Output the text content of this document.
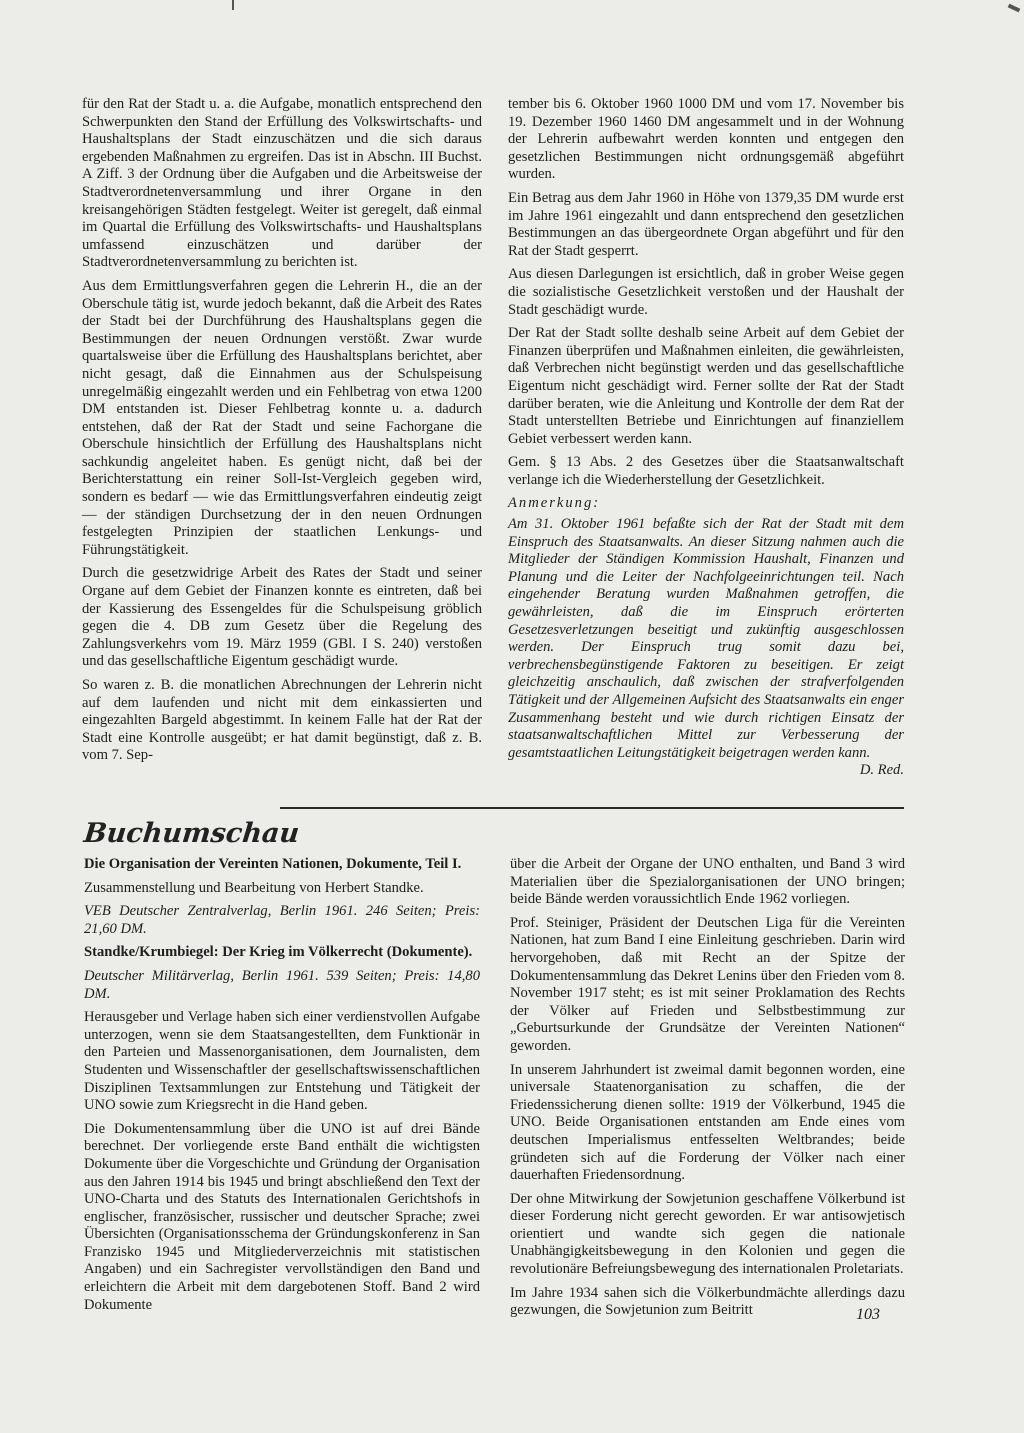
für den Rat der Stadt u. a. die Aufgabe, monatlich entsprechend den Schwerpunkten den Stand der Erfüllung des Volkswirtschafts- und Haushaltsplans der Stadt einzuschätzen und die sich daraus ergebenden Maßnahmen zu ergreifen. Das ist in Abschn. III Buchst. A Ziff. 3 der Ordnung über die Aufgaben und die Arbeitsweise der Stadtverordnetenversammlung und ihrer Organe in den kreisangehörigen Städten festgelegt. Weiter ist geregelt, daß einmal im Quartal die Erfüllung des Volkswirtschafts- und Haushaltsplans umfassend einzuschätzen und darüber der Stadtverordnetenversammlung zu berichten ist.

Aus dem Ermittlungsverfahren gegen die Lehrerin H., die an der Oberschule tätig ist, wurde jedoch bekannt, daß die Arbeit des Rates der Stadt bei der Durchführung des Haushaltsplans gegen die Bestimmungen der neuen Ordnungen verstößt. Zwar wurde quartalsweise über die Erfüllung des Haushaltsplans berichtet, aber nicht gesagt, daß die Einnahmen aus der Schulspeisung unregelmäßig eingezahlt werden und ein Fehlbetrag von etwa 1200 DM entstanden ist. Dieser Fehlbetrag konnte u. a. dadurch entstehen, daß der Rat der Stadt und seine Fachorgane die Oberschule hinsichtlich der Erfüllung des Haushaltsplans nicht sachkundig angeleitet haben. Es genügt nicht, daß bei der Berichterstattung ein reiner Soll-Ist-Vergleich gegeben wird, sondern es bedarf — wie das Ermittlungsverfahren eindeutig zeigt — der ständigen Durchsetzung der in den neuen Ordnungen festgelegten Prinzipien der staatlichen Lenkungs- und Führungstätigkeit.

Durch die gesetzwidrige Arbeit des Rates der Stadt und seiner Organe auf dem Gebiet der Finanzen konnte es eintreten, daß bei der Kassierung des Essengeldes für die Schulspeisung gröblich gegen die 4. DB zum Gesetz über die Regelung des Zahlungsverkehrs vom 19. März 1959 (GBl. I S. 240) verstoßen und das gesellschaftliche Eigentum geschädigt wurde.

So waren z. B. die monatlichen Abrechnungen der Lehrerin nicht auf dem laufenden und nicht mit dem einkassierten und eingezahlten Bargeld abgestimmt. In keinem Falle hat der Rat der Stadt eine Kontrolle ausgeübt; er hat damit begünstigt, daß z. B. vom 7. Sep-

tember bis 6. Oktober 1960 1000 DM und vom 17. November bis 19. Dezember 1960 1460 DM angesammelt und in der Wohnung der Lehrerin aufbewahrt werden konnten und entgegen den gesetzlichen Bestimmungen nicht ordnungsgemäß abgeführt wurden.

Ein Betrag aus dem Jahr 1960 in Höhe von 1379,35 DM wurde erst im Jahre 1961 eingezahlt und dann entsprechend den gesetzlichen Bestimmungen an das übergeordnete Organ abgeführt und für den Rat der Stadt gesperrt.

Aus diesen Darlegungen ist ersichtlich, daß in grober Weise gegen die sozialistische Gesetzlichkeit verstoßen und der Haushalt der Stadt geschädigt wurde.

Der Rat der Stadt sollte deshalb seine Arbeit auf dem Gebiet der Finanzen überprüfen und Maßnahmen einleiten, die gewährleisten, daß Verbrechen nicht begünstigt werden und das gesellschaftliche Eigentum nicht geschädigt wird. Ferner sollte der Rat der Stadt darüber beraten, wie die Anleitung und Kontrolle der dem Rat der Stadt unterstellten Betriebe und Einrichtungen auf finanziellem Gebiet verbessert werden kann.

Gem. § 13 Abs. 2 des Gesetzes über die Staatsanwaltschaft verlange ich die Wiederherstellung der Gesetzlichkeit.

Anmerkung:

Am 31. Oktober 1961 befaßte sich der Rat der Stadt mit dem Einspruch des Staatsanwalts. An dieser Sitzung nahmen auch die Mitglieder der Ständigen Kommission Haushalt, Finanzen und Planung und die Leiter der Nachfolgeeinrichtungen teil. Nach eingehender Beratung wurden Maßnahmen getroffen, die gewährleisten, daß die im Einspruch erörterten Gesetzesverletzungen beseitigt und zukünftig ausgeschlossen werden. Der Einspruch trug somit dazu bei, verbrechensbegünstigende Faktoren zu beseitigen. Er zeigt gleichzeitig anschaulich, daß zwischen der strafverfolgenden Tätigkeit und der Allgemeinen Aufsicht des Staatsanwalts ein enger Zusammenhang besteht und wie durch richtigen Einsatz der staatsanwaltschaftlichen Mittel zur Verbesserung der gesamtstaatlichen Leitungstätigkeit beigetragen werden kann.
D. Red.

Buchumschau

Die Organisation der Vereinten Nationen, Dokumente, Teil I.

Zusammenstellung und Bearbeitung von Herbert Standke.

VEB Deutscher Zentralverlag, Berlin 1961. 246 Seiten; Preis: 21,60 DM.

Standke/Krumbiegel: Der Krieg im Völkerrecht (Dokumente).

Deutscher Militärverlag, Berlin 1961. 539 Seiten; Preis: 14,80 DM.

Herausgeber und Verlage haben sich einer verdienstvollen Aufgabe unterzogen, wenn sie dem Staatsangestellten, dem Funktionär in den Parteien und Massenorganisationen, dem Journalisten, dem Studenten und Wissenschaftler der gesellschaftswissenschaftlichen Disziplinen Textsammlungen zur Entstehung und Tätigkeit der UNO sowie zum Kriegsrecht in die Hand geben.

Die Dokumentensammlung über die UNO ist auf drei Bände berechnet. Der vorliegende erste Band enthält die wichtigsten Dokumente über die Vorgeschichte und Gründung der Organisation aus den Jahren 1914 bis 1945 und bringt abschließend den Text der UNO-Charta und des Statuts des Internationalen Gerichtshofs in englischer, französischer, russischer und deutscher Sprache; zwei Übersichten (Organisationsschema der Gründungskonferenz in San Franzisko 1945 und Mitgliederverzeichnis mit statistischen Angaben) und ein Sachregister vervollständigen den Band und erleichtern die Arbeit mit dem dargebotenen Stoff. Band 2 wird Dokumente

über die Arbeit der Organe der UNO enthalten, und Band 3 wird Materialien über die Spezialorganisationen der UNO bringen; beide Bände werden voraussichtlich Ende 1962 vorliegen.

Prof. Steiniger, Präsident der Deutschen Liga für die Vereinten Nationen, hat zum Band I eine Einleitung geschrieben. Darin wird hervorgehoben, daß mit Recht an der Spitze der Dokumentensammlung das Dekret Lenins über den Frieden vom 8. November 1917 steht; es ist mit seiner Proklamation des Rechts der Völker auf Frieden und Selbstbestimmung zur „Geburtsurkunde der Grundsätze der Vereinten Nationen“ geworden.

In unserem Jahrhundert ist zweimal damit begonnen worden, eine universale Staatenorganisation zu schaffen, die der Friedenssicherung dienen sollte: 1919 der Völkerbund, 1945 die UNO. Beide Organisationen entstanden am Ende eines vom deutschen Imperialismus entfesselten Weltbrandes; beide gründeten sich auf die Forderung der Völker nach einer dauerhaften Friedensordnung.

Der ohne Mitwirkung der Sowjetunion geschaffene Völkerbund ist dieser Forderung nicht gerecht geworden. Er war antisowjetisch orientiert und wandte sich gegen die nationale Unabhängigkeitsbewegung in den Kolonien und gegen die revolutionäre Befreiungsbewegung des internationalen Proletariats.

Im Jahre 1934 sahen sich die Völkerbundmächte allerdings dazu gezwungen, die Sowjetunion zum Beitritt	103
